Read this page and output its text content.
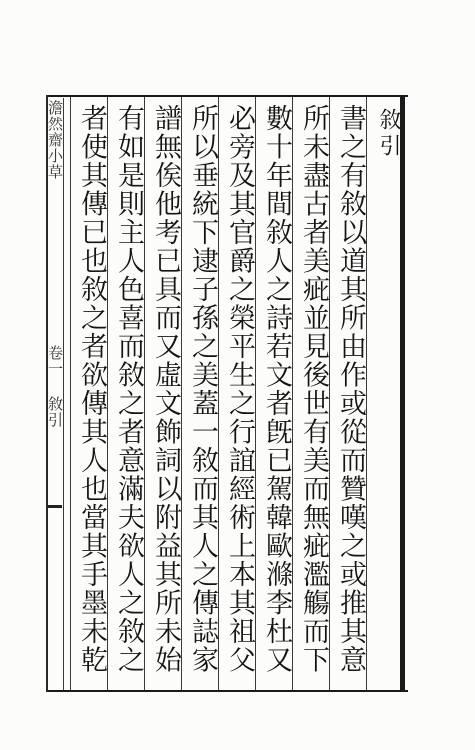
敘引
書之有敘以道其所由作或從而贊嘆之或推其意
所未盡古者美疵並見後世有美而無疵濫觴而下
數十年間敘人之詩若文者旣已駕韓歐滌李杜又
必旁及其官爵之榮平生之行誼經術上本其祖父
所以垂統下逮子孫之美蓋一敘而其人之傳誌家
譜無俟他考已具而又虛文飾詞以附益其所未始
有如是則主人色喜而敘之者意滿夫欲人之敘之
者使其傳已也敘之者欲傳其人也當其手墨未乾
澹然齋小草
卷一 敘引
